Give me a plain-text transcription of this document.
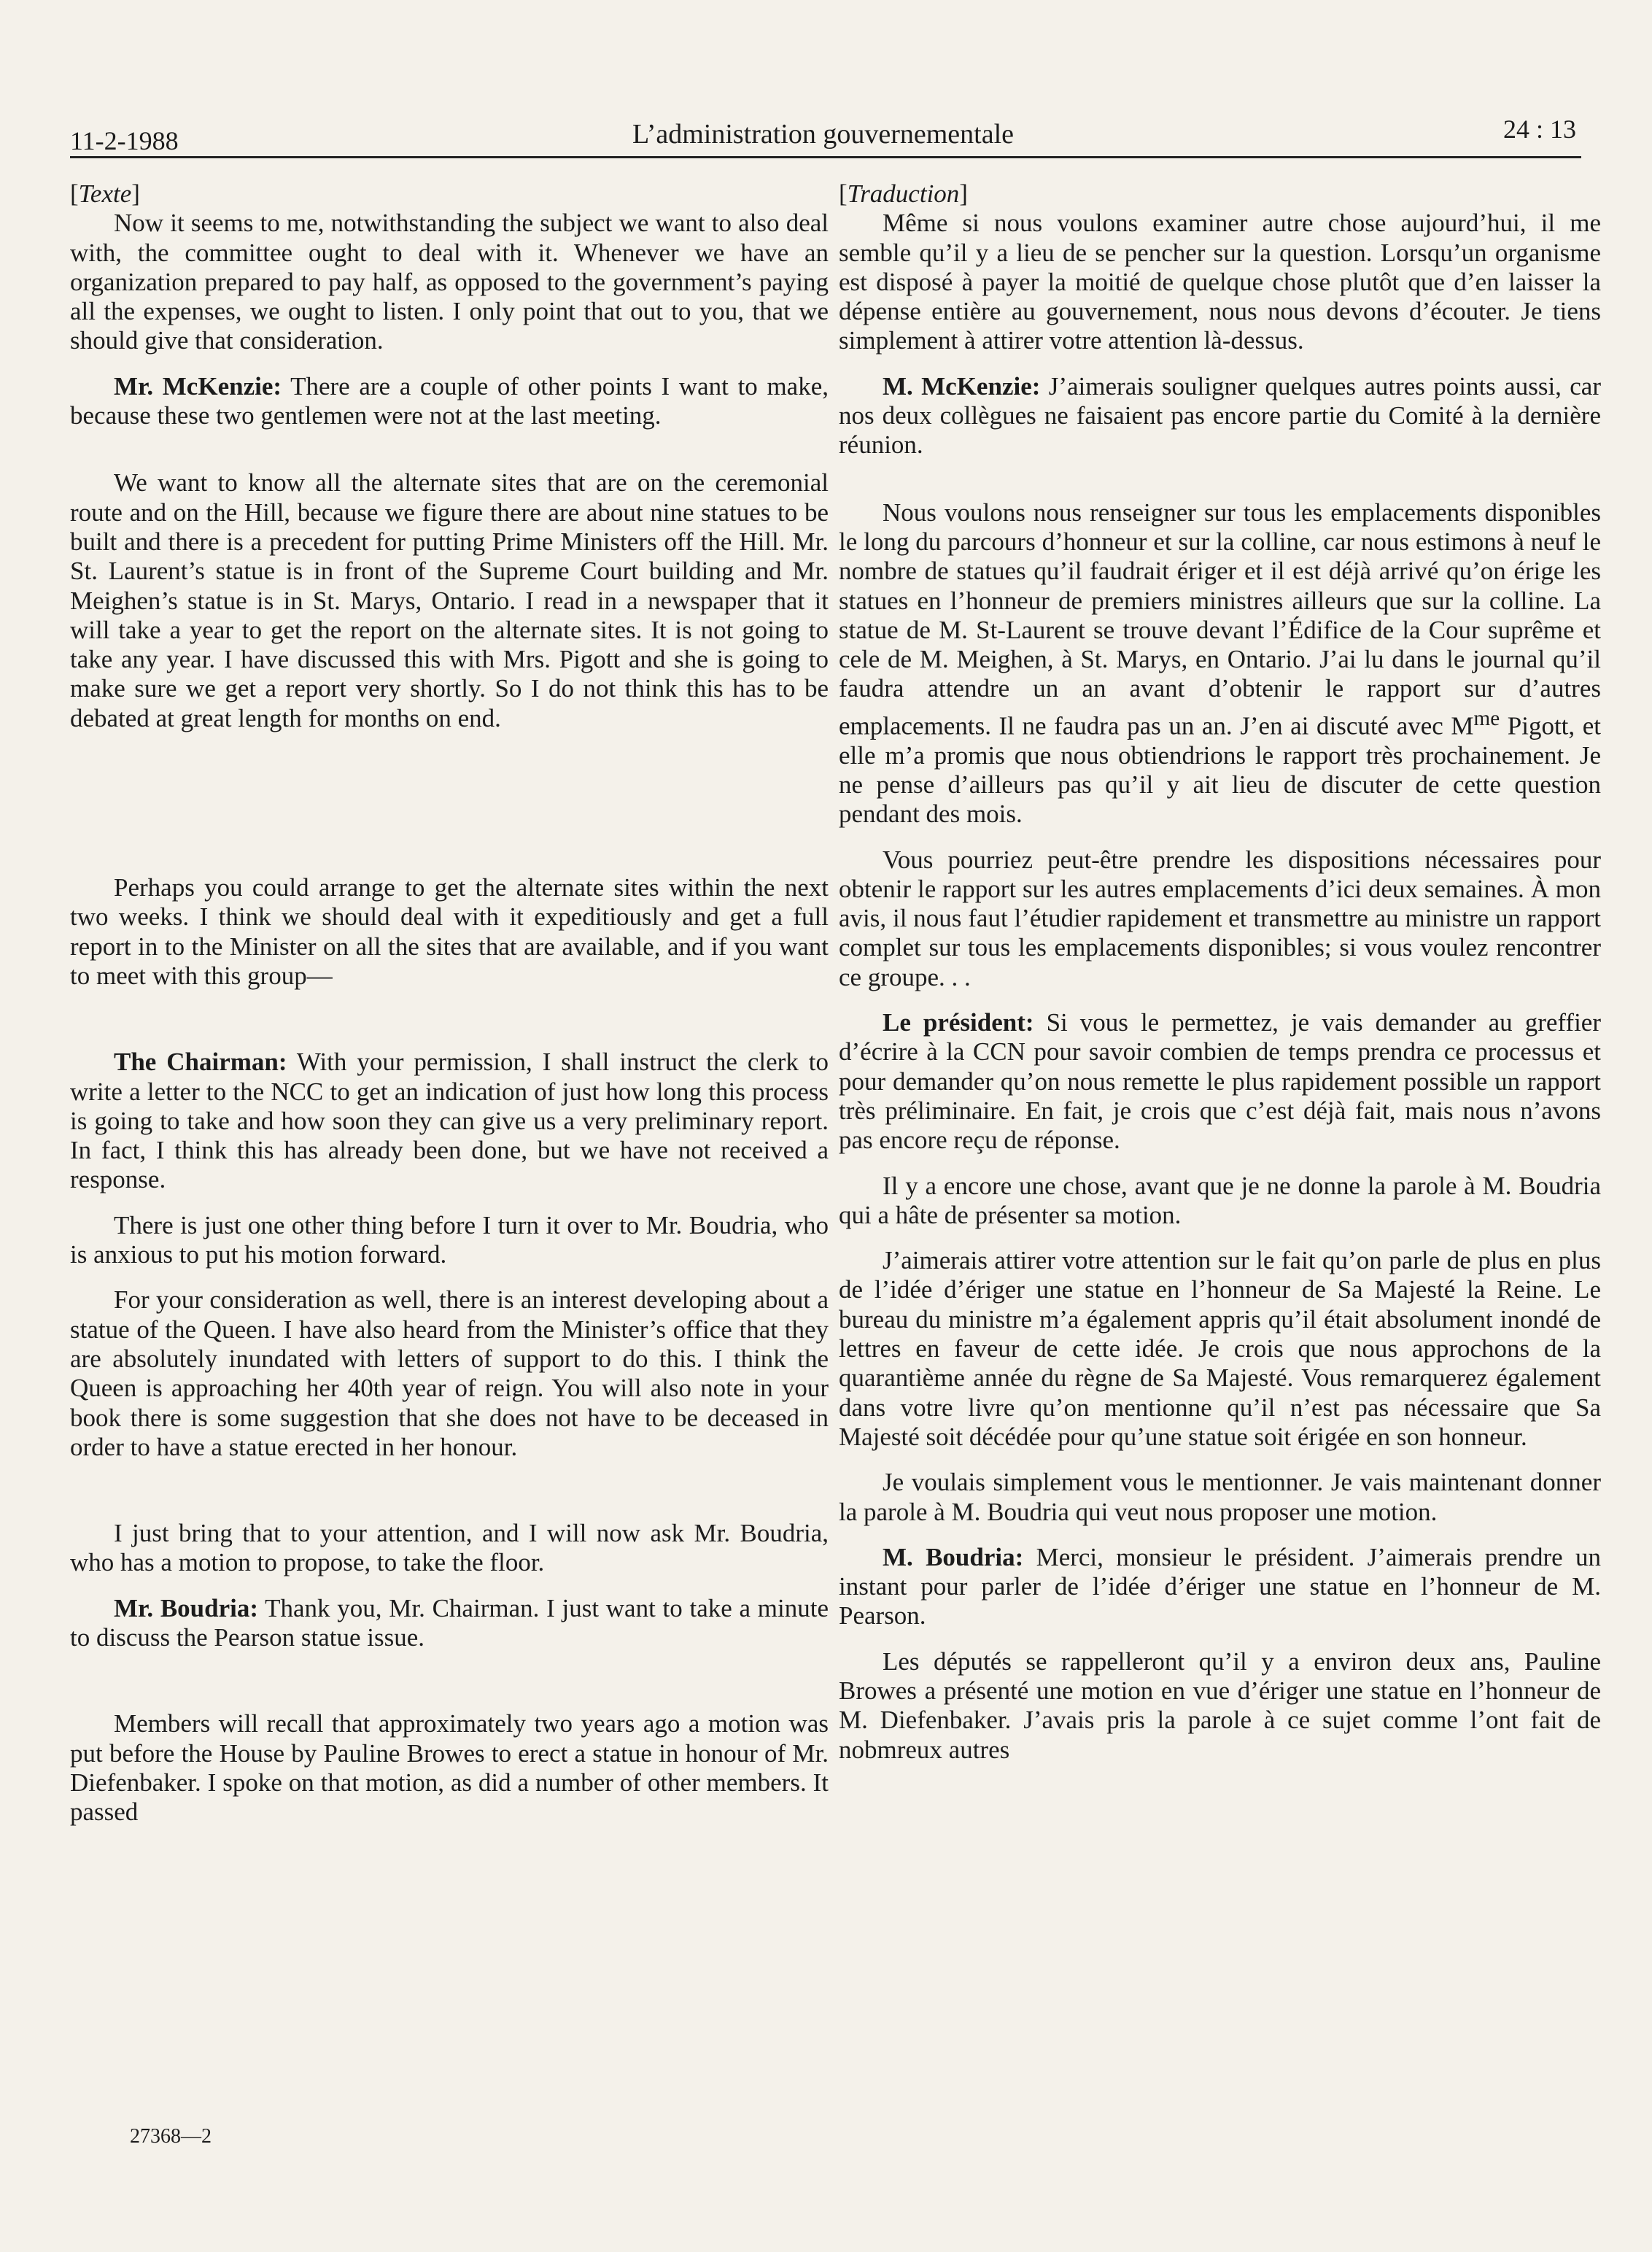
11-2-1988	L’administration gouvernementale	24 : 13

[Texte]

Now it seems to me, notwithstanding the subject we want to also deal with, the committee ought to deal with it. Whenever we have an organization prepared to pay half, as opposed to the government’s paying all the expenses, we ought to listen. I only point that out to you, that we should give that consideration.

Mr. McKenzie: There are a couple of other points I want to make, because these two gentlemen were not at the last meeting.

We want to know all the alternate sites that are on the ceremonial route and on the Hill, because we figure there are about nine statues to be built and there is a precedent for putting Prime Ministers off the Hill. Mr. St. Laurent’s statue is in front of the Supreme Court building and Mr. Meighen’s statue is in St. Marys, Ontario. I read in a newspaper that it will take a year to get the report on the alternate sites. It is not going to take any year. I have discussed this with Mrs. Pigott and she is going to make sure we get a report very shortly. So I do not think this has to be debated at great length for months on end.

Perhaps you could arrange to get the alternate sites within the next two weeks. I think we should deal with it expeditiously and get a full report in to the Minister on all the sites that are available, and if you want to meet with this group—

The Chairman: With your permission, I shall instruct the clerk to write a letter to the NCC to get an indication of just how long this process is going to take and how soon they can give us a very preliminary report. In fact, I think this has already been done, but we have not received a response.

There is just one other thing before I turn it over to Mr. Boudria, who is anxious to put his motion forward.

For your consideration as well, there is an interest developing about a statue of the Queen. I have also heard from the Minister’s office that they are absolutely inundated with letters of support to do this. I think the Queen is approaching her 40th year of reign. You will also note in your book there is some suggestion that she does not have to be deceased in order to have a statue erected in her honour.

I just bring that to your attention, and I will now ask Mr. Boudria, who has a motion to propose, to take the floor.

Mr. Boudria: Thank you, Mr. Chairman. I just want to take a minute to discuss the Pearson statue issue.

Members will recall that approximately two years ago a motion was put before the House by Pauline Browes to erect a statue in honour of Mr. Diefenbaker. I spoke on that motion, as did a number of other members. It passed

[Traduction]

Même si nous voulons examiner autre chose aujourd’hui, il me semble qu’il y a lieu de se pencher sur la question. Lorsqu’un organisme est disposé à payer la moitié de quelque chose plutôt que d’en laisser la dépense entière au gouvernement, nous nous devons d’écouter. Je tiens simplement à attirer votre attention là-dessus.

M. McKenzie: J’aimerais souligner quelques autres points aussi, car nos deux collègues ne faisaient pas encore partie du Comité à la dernière réunion.

Nous voulons nous renseigner sur tous les emplacements disponibles le long du parcours d’honneur et sur la colline, car nous estimons à neuf le nombre de statues qu’il faudrait ériger et il est déjà arrivé qu’on érige les statues en l’honneur de premiers ministres ailleurs que sur la colline. La statue de M. St-Laurent se trouve devant l’Édifice de la Cour suprême et cele de M. Meighen, à St. Marys, en Ontario. J’ai lu dans le journal qu’il faudra attendre un an avant d’obtenir le rapport sur d’autres emplacements. Il ne faudra pas un an. J’en ai discuté avec $M^{me}$ Pigott, et elle m’a promis que nous obtiendrions le rapport très prochainement. Je ne pense d’ailleurs pas qu’il y ait lieu de discuter de cette question pendant des mois.

Vous pourriez peut-être prendre les dispositions nécessaires pour obtenir le rapport sur les autres emplacements d’ici deux semaines. À mon avis, il nous faut l’étudier rapidement et transmettre au ministre un rapport complet sur tous les emplacements disponibles; si vous voulez rencontrer ce groupe. . .

Le président: Si vous le permettez, je vais demander au greffier d’écrire à la CCN pour savoir combien de temps prendra ce processus et pour demander qu’on nous remette le plus rapidement possible un rapport très préliminaire. En fait, je crois que c’est déjà fait, mais nous n’avons pas encore reçu de réponse.

Il y a encore une chose, avant que je ne donne la parole à M. Boudria qui a hâte de présenter sa motion.

J’aimerais attirer votre attention sur le fait qu’on parle de plus en plus de l’idée d’ériger une statue en l’honneur de Sa Majesté la Reine. Le bureau du ministre m’a également appris qu’il était absolument inondé de lettres en faveur de cette idée. Je crois que nous approchons de la quarantième année du règne de Sa Majesté. Vous remarquerez également dans votre livre qu’on mentionne qu’il n’est pas nécessaire que Sa Majesté soit décédée pour qu’une statue soit érigée en son honneur.

Je voulais simplement vous le mentionner. Je vais maintenant donner la parole à M. Boudria qui veut nous proposer une motion.

M. Boudria: Merci, monsieur le président. J’aimerais prendre un instant pour parler de l’idée d’ériger une statue en l’honneur de M. Pearson.

Les députés se rappelleront qu’il y a environ deux ans, Pauline Browes a présenté une motion en vue d’ériger une statue en l’honneur de M. Diefenbaker. J’avais pris la parole à ce sujet comme l’ont fait de nobmreux autres

27368—2
